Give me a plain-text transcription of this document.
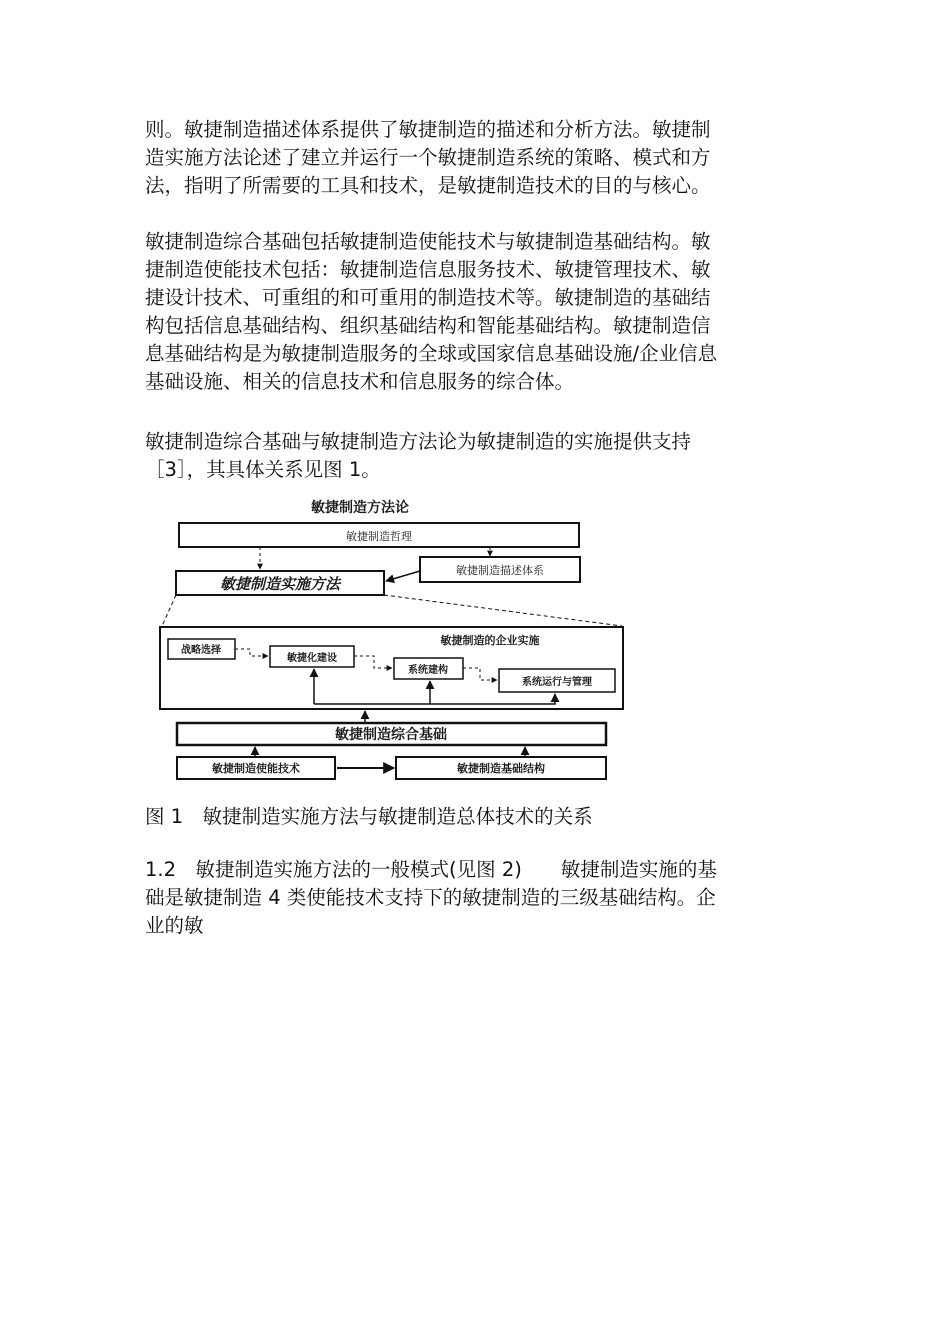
则。敏捷制造描述体系提供了敏捷制造的描述和分析方法。敏捷制
造实施方法论述了建立并运行一个敏捷制造系统的策略、模式和方
法，指明了所需要的工具和技术，是敏捷制造技术的目的与核心。
敏捷制造综合基础包括敏捷制造使能技术与敏捷制造基础结构。敏
捷制造使能技术包括：敏捷制造信息服务技术、敏捷管理技术、敏
捷设计技术、可重组的和可重用的制造技术等。敏捷制造的基础结
构包括信息基础结构、组织基础结构和智能基础结构。敏捷制造信
息基础结构是为敏捷制造服务的全球或国家信息基础设施/企业信息
基础设施、相关的信息技术和信息服务的综合体。
敏捷制造综合基础与敏捷制造方法论为敏捷制造的实施提供支持
［3］，其具体关系见图 1。
敏捷制造方法论
敏捷制造哲理
敏捷制造描述体系
敏捷制造实施方法
敏捷制造的企业实施
战略选择
敏捷化建设
系统建构
系统运行与管理
敏捷制造综合基础
敏捷制造使能技术	敏捷制造基础结构
图 1　敏捷制造实施方法与敏捷制造总体技术的关系
1.2　敏捷制造实施方法的一般模式(见图 2)　　敏捷制造实施的基
础是敏捷制造 4 类使能技术支持下的敏捷制造的三级基础结构。企
业的敏
